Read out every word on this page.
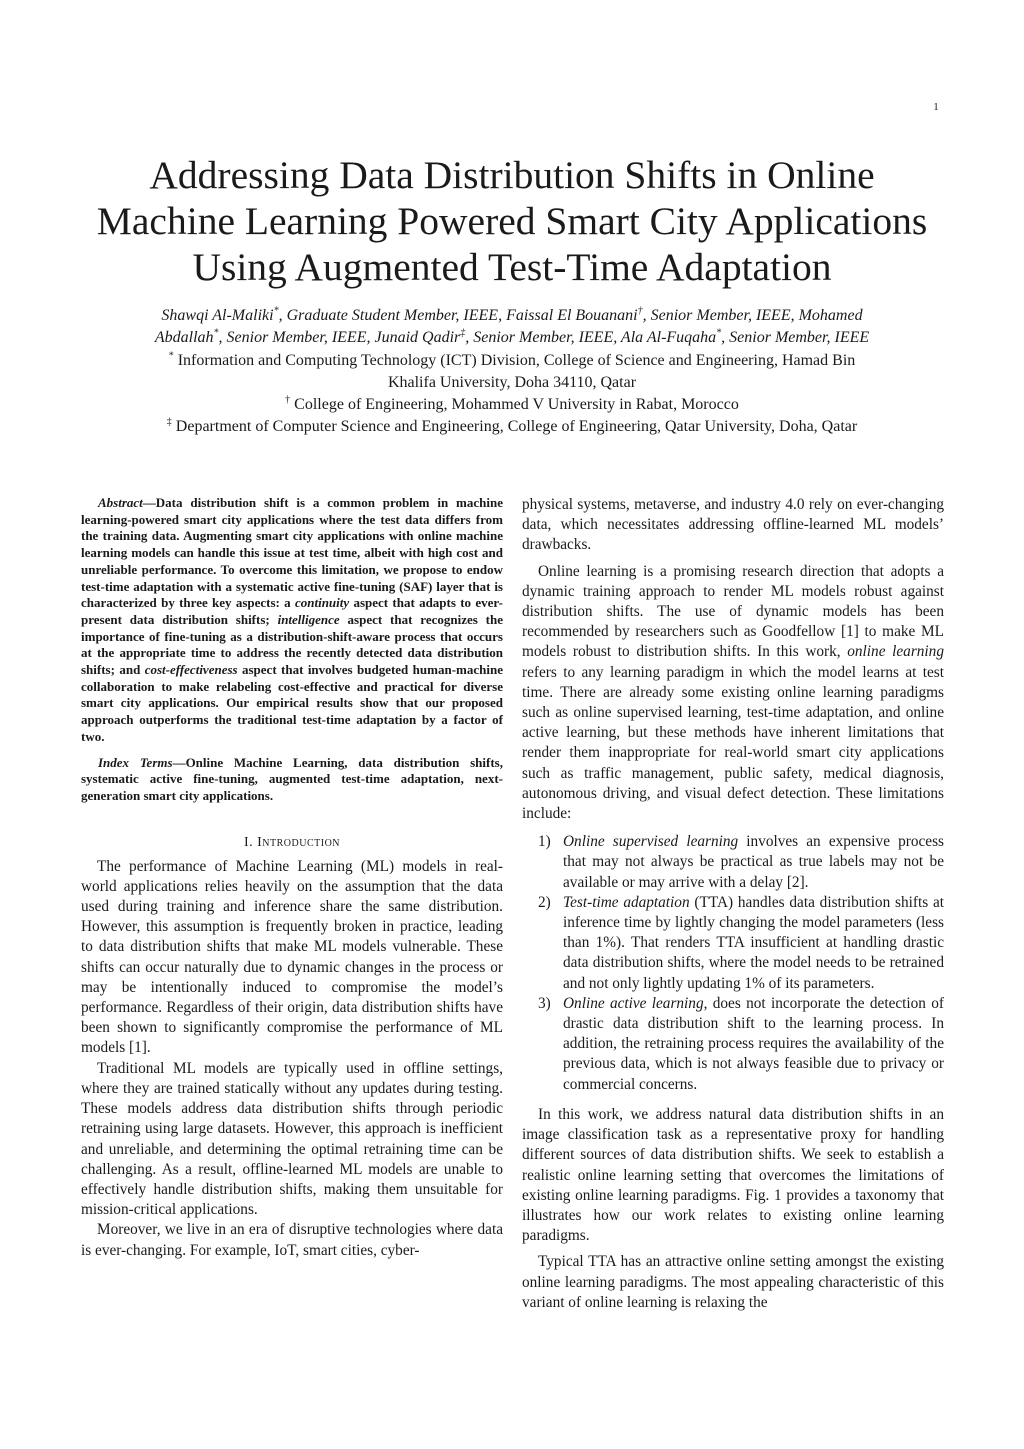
1
Addressing Data Distribution Shifts in Online
Machine Learning Powered Smart City Applications
Using Augmented Test-Time Adaptation
Shawqi Al-Maliki*, Graduate Student Member, IEEE, Faissal El Bouanani†, Senior Member, IEEE, Mohamed
Abdallah*, Senior Member, IEEE, Junaid Qadir‡, Senior Member, IEEE, Ala Al-Fuqaha*, Senior Member, IEEE
* Information and Computing Technology (ICT) Division, College of Science and Engineering, Hamad Bin
Khalifa University, Doha 34110, Qatar
† College of Engineering, Mohammed V University in Rabat, Morocco
‡ Department of Computer Science and Engineering, College of Engineering, Qatar University, Doha, Qatar

Abstract—Data distribution shift is a common problem in machine learning-powered smart city applications where the test data differs from the training data. Augmenting smart city applications with online machine learning models can handle this issue at test time, albeit with high cost and unreliable performance. To overcome this limitation, we propose to endow test-time adaptation with a systematic active fine-tuning (SAF) layer that is characterized by three key aspects: a continuity aspect that adapts to ever-present data distribution shifts; intelligence aspect that recognizes the importance of fine-tuning as a distribution-shift-aware process that occurs at the appropriate time to address the recently detected data distribution shifts; and cost-effectiveness aspect that involves budgeted human-machine collaboration to make relabeling cost-effective and practical for diverse smart city applications. Our empirical results show that our proposed approach outperforms the traditional test-time adaptation by a factor of two.

Index Terms—Online Machine Learning, data distribution shifts, systematic active fine-tuning, augmented test-time adaptation, next-generation smart city applications.

I. Introduction

The performance of Machine Learning (ML) models in real-world applications relies heavily on the assumption that the data used during training and inference share the same distribution. However, this assumption is frequently broken in practice, leading to data distribution shifts that make ML models vulnerable. These shifts can occur naturally due to dynamic changes in the process or may be intentionally induced to compromise the model’s performance. Regardless of their origin, data distribution shifts have been shown to significantly compromise the performance of ML models [1].

Traditional ML models are typically used in offline settings, where they are trained statically without any updates during testing. These models address data distribution shifts through periodic retraining using large datasets. However, this approach is inefficient and unreliable, and determining the optimal retraining time can be challenging. As a result, offline-learned ML models are unable to effectively handle distribution shifts, making them unsuitable for mission-critical applications.

Moreover, we live in an era of disruptive technologies where data is ever-changing. For example, IoT, smart cities, cyber-

physical systems, metaverse, and industry 4.0 rely on ever-changing data, which necessitates addressing offline-learned ML models’ drawbacks.

Online learning is a promising research direction that adopts a dynamic training approach to render ML models robust against distribution shifts. The use of dynamic models has been recommended by researchers such as Goodfellow [1] to make ML models robust to distribution shifts. In this work, online learning refers to any learning paradigm in which the model learns at test time. There are already some existing online learning paradigms such as online supervised learning, test-time adaptation, and online active learning, but these methods have inherent limitations that render them inappropriate for real-world smart city applications such as traffic management, public safety, medical diagnosis, autonomous driving, and visual defect detection. These limitations include:

1) Online supervised learning involves an expensive process that may not always be practical as true labels may not be available or may arrive with a delay [2].
2) Test-time adaptation (TTA) handles data distribution shifts at inference time by lightly changing the model parameters (less than 1%). That renders TTA insufficient at handling drastic data distribution shifts, where the model needs to be retrained and not only lightly updating 1% of its parameters.
3) Online active learning, does not incorporate the detection of drastic data distribution shift to the learning process. In addition, the retraining process requires the availability of the previous data, which is not always feasible due to privacy or commercial concerns.

In this work, we address natural data distribution shifts in an image classification task as a representative proxy for handling different sources of data distribution shifts. We seek to establish a realistic online learning setting that overcomes the limitations of existing online learning paradigms. Fig. 1 provides a taxonomy that illustrates how our work relates to existing online learning paradigms.

Typical TTA has an attractive online setting amongst the existing online learning paradigms. The most appealing characteristic of this variant of online learning is relaxing the
